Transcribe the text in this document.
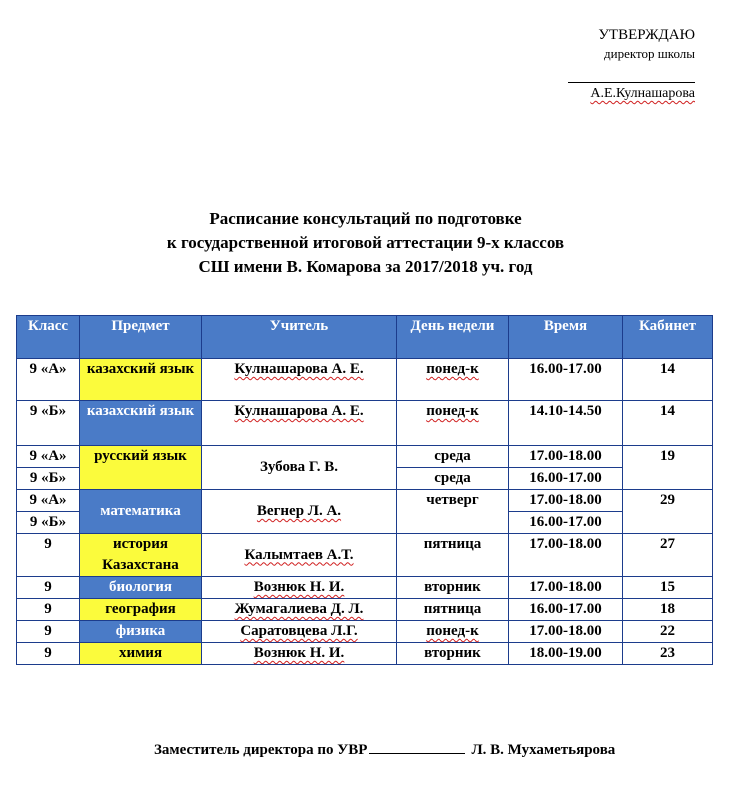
УТВЕРЖДАЮ
директор школы
А.Е.Кулнашарова
Расписание консультаций по подготовке
к государственной итоговой аттестации 9-х классов
СШ имени В. Комарова за 2017/2018 уч. год
Класс	Предмет	Учитель	День недели	Время	Кабинет
9 «А»	казахский язык	Кулнашарова А. Е.	понед-к	16.00-17.00	14
9 «Б»	казахский язык	Кулнашарова А. Е.	понед-к	14.10-14.50	14
9 «А»	русский язык	Зубова Г. В.	среда	17.00-18.00	19
9 «Б»			среда	16.00-17.00	
9 «А»	математика	Вегнер Л. А.	четверг	17.00-18.00	29
9 «Б»				16.00-17.00	
9	история Казахстана	Калымтаев А.Т.	пятница	17.00-18.00	27
9	биология	Вознюк Н. И.	вторник	17.00-18.00	15
9	география	Жумагалиева Д. Л.	пятница	16.00-17.00	18
9	физика	Саратовцева Л.Г.	понед-к	17.00-18.00	22
9	химия	Вознюк Н. И.	вторник	18.00-19.00	23
Заместитель директора по УВР	Л. В. Мухаметьярова
